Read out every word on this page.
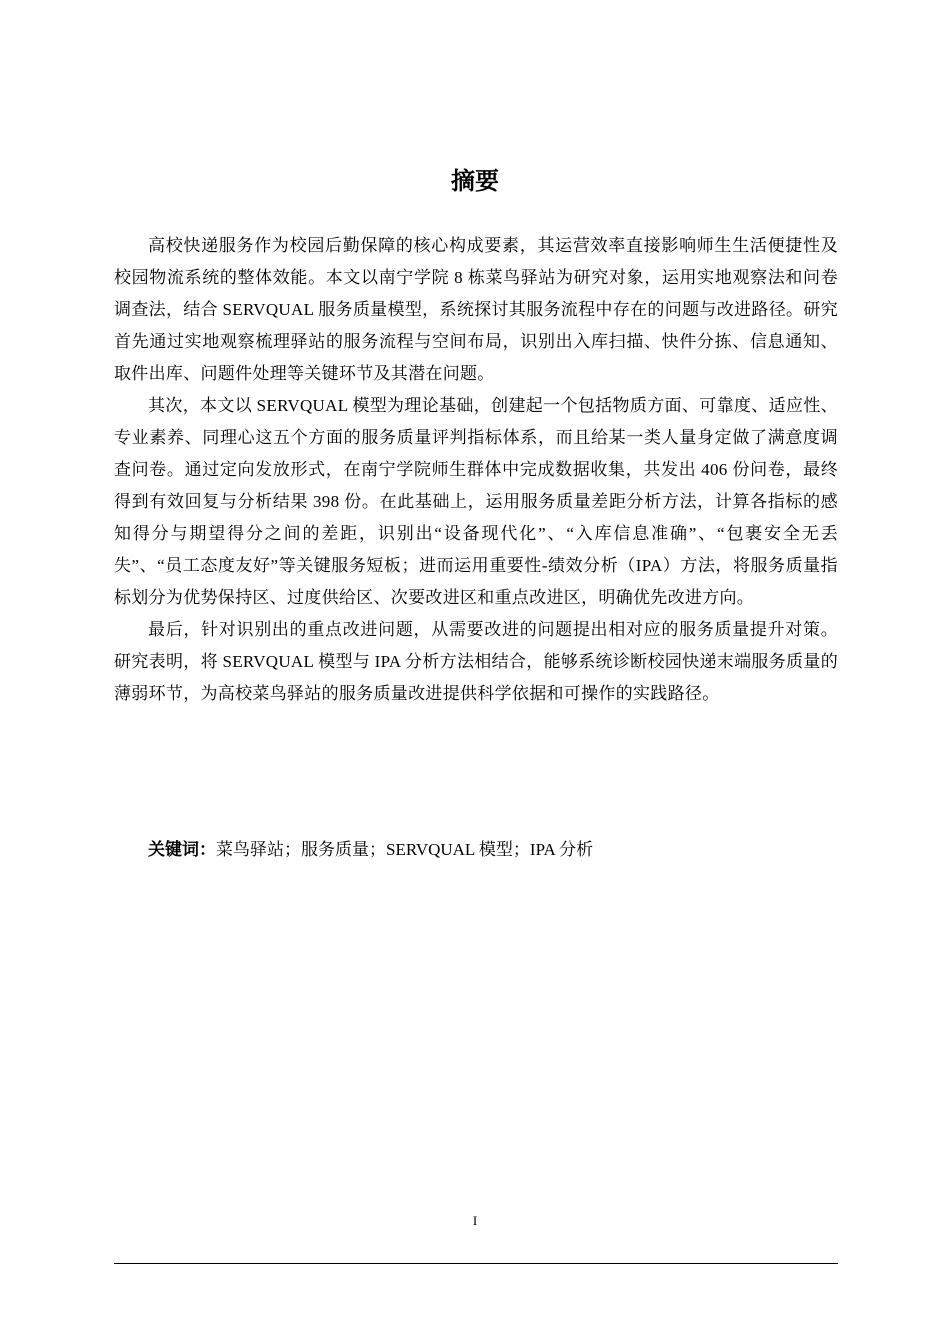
摘要

高校快递服务作为校园后勤保障的核心构成要素，其运营效率直接影响师生生活便捷性及校园物流系统的整体效能。本文以南宁学院 8 栋菜鸟驿站为研究对象，运用实地观察法和问卷调查法，结合 SERVQUAL 服务质量模型，系统探讨其服务流程中存在的问题与改进路径。研究首先通过实地观察梳理驿站的服务流程与空间布局，识别出入库扫描、快件分拣、信息通知、取件出库、问题件处理等关键环节及其潜在问题。

其次，本文以 SERVQUAL 模型为理论基础，创建起一个包括物质方面、可靠度、适应性、专业素养、同理心这五个方面的服务质量评判指标体系，而且给某一类人量身定做了满意度调查问卷。通过定向发放形式，在南宁学院师生群体中完成数据收集，共发出 406 份问卷，最终得到有效回复与分析结果 398 份。在此基础上，运用服务质量差距分析方法，计算各指标的感知得分与期望得分之间的差距，识别出“设备现代化”、“入库信息准确”、“包裹安全无丢失”、“员工态度友好”等关键服务短板；进而运用重要性-绩效分析（IPA）方法，将服务质量指标划分为优势保持区、过度供给区、次要改进区和重点改进区，明确优先改进方向。

最后，针对识别出的重点改进问题，从需要改进的问题提出相对应的服务质量提升对策。研究表明，将 SERVQUAL 模型与 IPA 分析方法相结合，能够系统诊断校园快递末端服务质量的薄弱环节，为高校菜鸟驿站的服务质量改进提供科学依据和可操作的实践路径。

关键词：菜鸟驿站；服务质量；SERVQUAL 模型；IPA 分析
I
